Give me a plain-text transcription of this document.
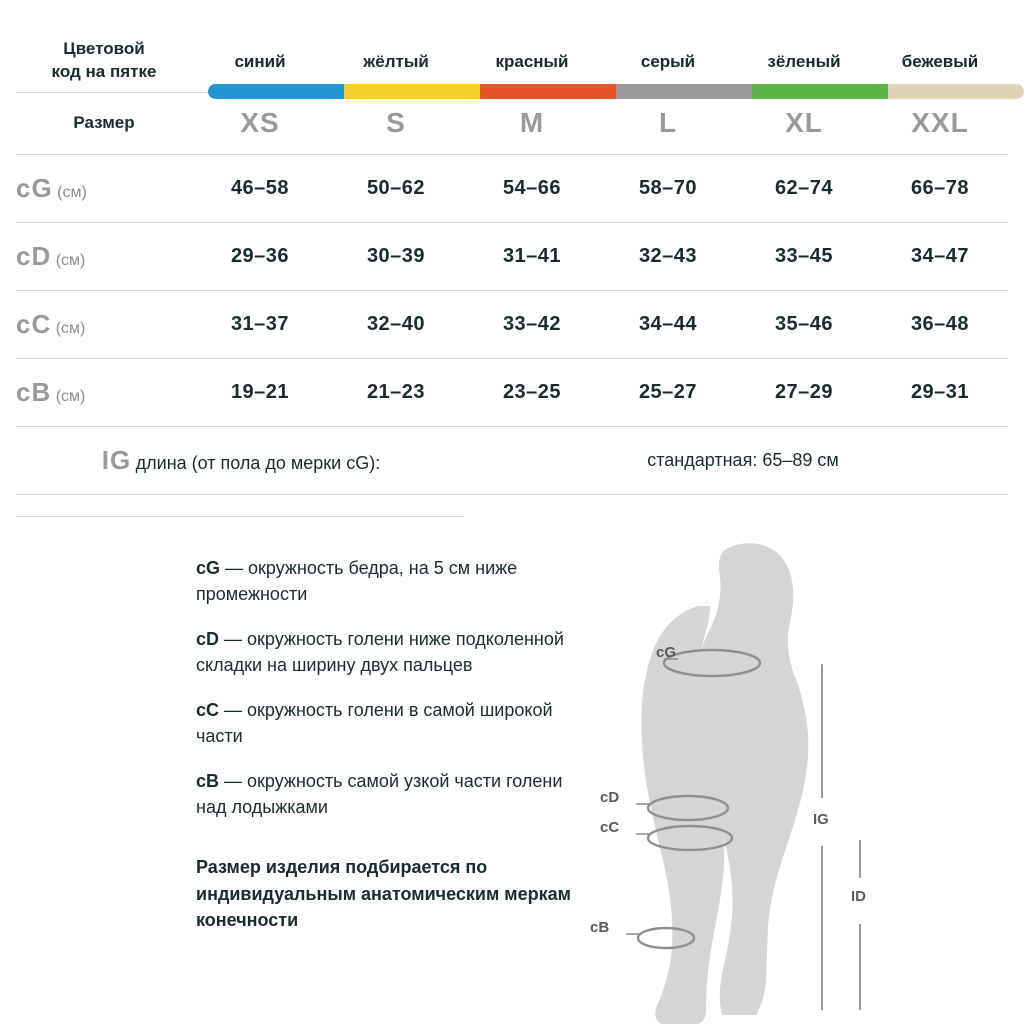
Цветовой
код на пятке	синий	жёлтый	красный	серый	зёленый	бежевый
Размер	XS	S	M	L	XL	XXL
cG (см)	46–58	50–62	54–66	58–70	62–74	66–78
cD (см)	29–36	30–39	31–41	32–43	33–45	34–47
cC (см)	31–37	32–40	33–42	34–44	35–46	36–48
cB (см)	19–21	21–23	23–25	25–27	27–29	29–31
IG длина (от пола до мерки cG):			стандартная: 65–89 см			

cG — окружность бедра, на 5 см ниже промежности

cD — окружность голени ниже подколенной складки на ширину двух пальцев

cC — окружность голени в самой широкой части

cB — окружность самой узкой части голени над лодыжками

Размер изделия подбирается по индивидуальным анатомическим меркам конечности

cG
cD
cC
cB
IG
ID
